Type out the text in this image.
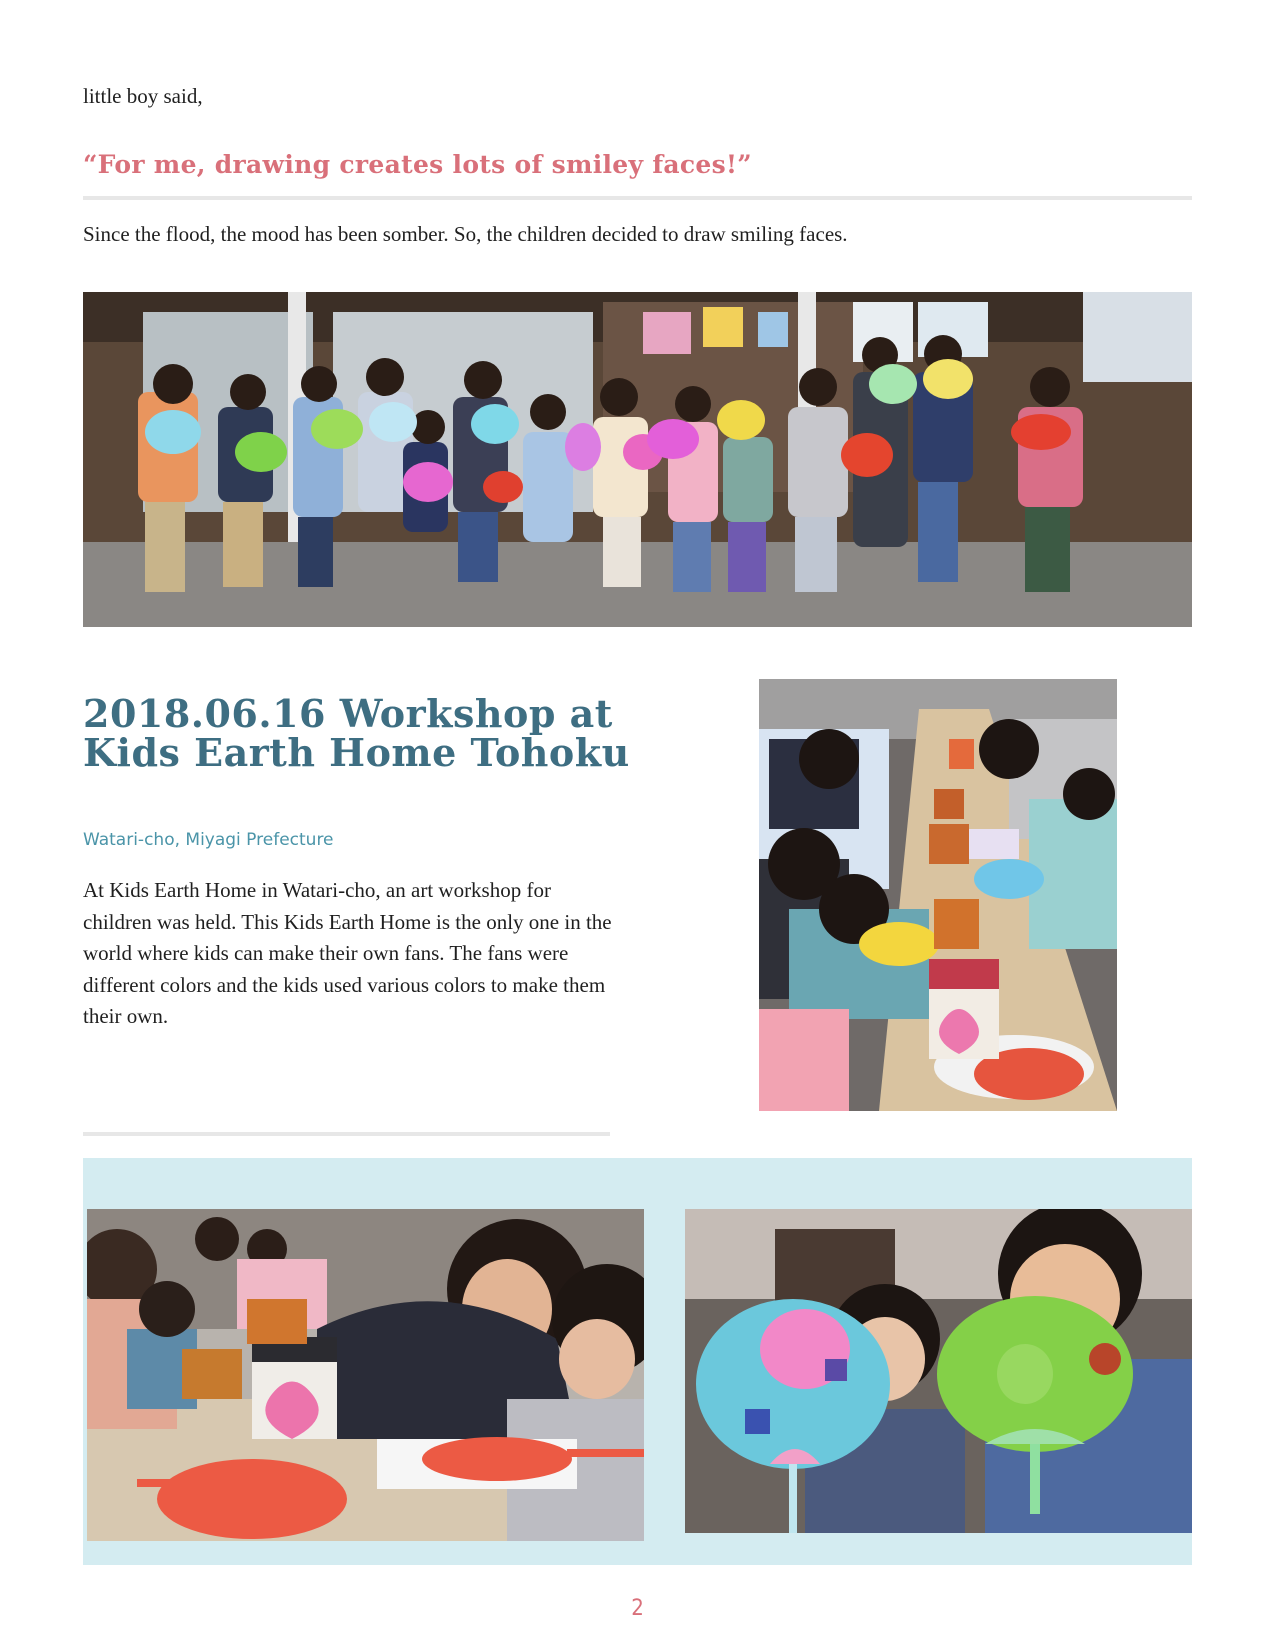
little boy said,
“For me, drawing creates lots of smiley faces!”
Since the flood, the mood has been somber. So, the children decided to draw smiling faces.
2018.06.16 Workshop at Kids Earth Home Tohoku
Watari-cho, Miyagi Prefecture

At Kids Earth Home in Watari-cho, an art workshop for children was held. This Kids Earth Home is the only one in the world where kids can make their own fans. The fans were different colors and the kids used various colors to make them their own.

2
